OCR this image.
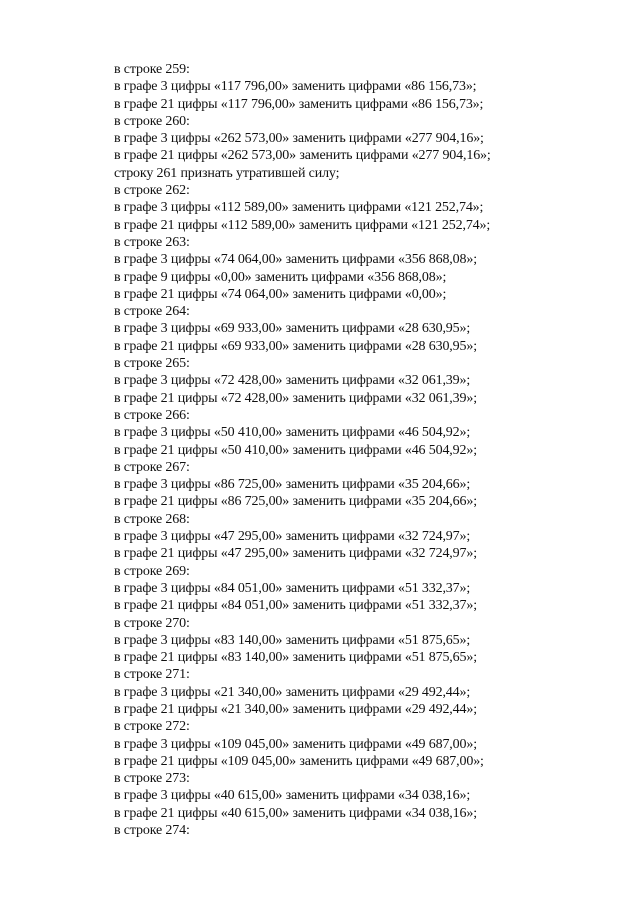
в строке 259:
в графе 3 цифры «117 796,00» заменить цифрами «86 156,73»;
в графе 21 цифры «117 796,00» заменить цифрами «86 156,73»;
в строке 260:
в графе 3 цифры «262 573,00» заменить цифрами «277 904,16»;
в графе 21 цифры «262 573,00» заменить цифрами «277 904,16»;
строку 261 признать утратившей силу;
в строке 262:
в графе 3 цифры «112 589,00» заменить цифрами «121 252,74»;
в графе 21 цифры «112 589,00» заменить цифрами «121 252,74»;
в строке 263:
в графе 3 цифры «74 064,00» заменить цифрами «356 868,08»;
в графе 9 цифры «0,00» заменить цифрами «356 868,08»;
в графе 21 цифры «74 064,00» заменить цифрами «0,00»;
в строке 264:
в графе 3 цифры «69 933,00» заменить цифрами «28 630,95»;
в графе 21 цифры «69 933,00» заменить цифрами «28 630,95»;
в строке 265:
в графе 3 цифры «72 428,00» заменить цифрами «32 061,39»;
в графе 21 цифры «72 428,00» заменить цифрами «32 061,39»;
в строке 266:
в графе 3 цифры «50 410,00» заменить цифрами «46 504,92»;
в графе 21 цифры «50 410,00» заменить цифрами «46 504,92»;
в строке 267:
в графе 3 цифры «86 725,00» заменить цифрами «35 204,66»;
в графе 21 цифры «86 725,00» заменить цифрами «35 204,66»;
в строке 268:
в графе 3 цифры «47 295,00» заменить цифрами «32 724,97»;
в графе 21 цифры «47 295,00» заменить цифрами «32 724,97»;
в строке 269:
в графе 3 цифры «84 051,00» заменить цифрами «51 332,37»;
в графе 21 цифры «84 051,00» заменить цифрами «51 332,37»;
в строке 270:
в графе 3 цифры «83 140,00» заменить цифрами «51 875,65»;
в графе 21 цифры «83 140,00» заменить цифрами «51 875,65»;
в строке 271:
в графе 3 цифры «21 340,00» заменить цифрами «29 492,44»;
в графе 21 цифры «21 340,00» заменить цифрами «29 492,44»;
в строке 272:
в графе 3 цифры «109 045,00» заменить цифрами «49 687,00»;
в графе 21 цифры «109 045,00» заменить цифрами «49 687,00»;
в строке 273:
в графе 3 цифры «40 615,00» заменить цифрами «34 038,16»;
в графе 21 цифры «40 615,00» заменить цифрами «34 038,16»;
в строке 274:
